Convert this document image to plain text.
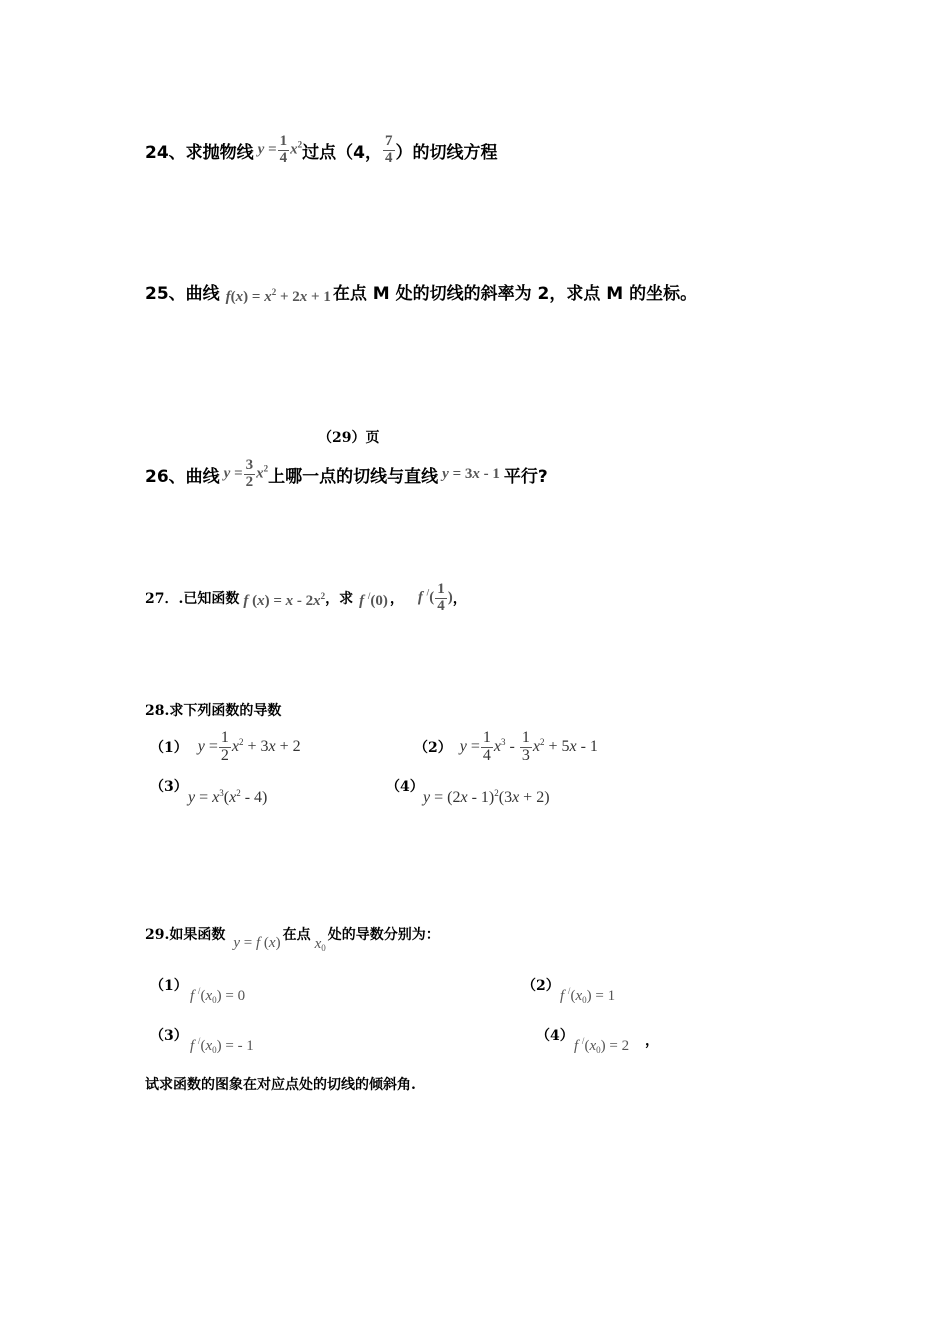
24、 求抛物线 $y = \frac{1}{4} x^2$ 过点（4， $\frac{7}{4}$ ）的切线方程
25、 曲线 $f(x) = x^2 + 2x + 1$ 在点 M 处的切线的斜率为 2，求点 M 的坐标。
（29）页
26、 曲线 $y = \frac{3}{2} x^2$ 上哪一点的切线与直线 y = 3x - 1 平行?
27． .已知函数 f $(x) = x - 2x^2$ ，求 f /(0) ， f $^/( \frac{1}{4}$ ) ，
28.求下列函数的导数
（1） $y = \frac{1}{2} x^2 + 3x + 2$	（2） $y = \frac{1}{4} x^3 - \frac{1}{3} x^2 + 5x - 1$
（3）
$y = x^3(x^2 - 4)$
（4）
y = (2x - 1)$^2$(3x + 2)
29.如果函数 y = f (x) 在点
$x_0$
处的导数分别为：
（1）
f $^/(x_0) = 0$
（2）
f $^/(x_0) = 1$
（3）
f $^/(x_0)$ = - 1
（4）
f $^/(x_0) = 2$ ，
试求函数的图象在对应点处的切线的倾斜角.
